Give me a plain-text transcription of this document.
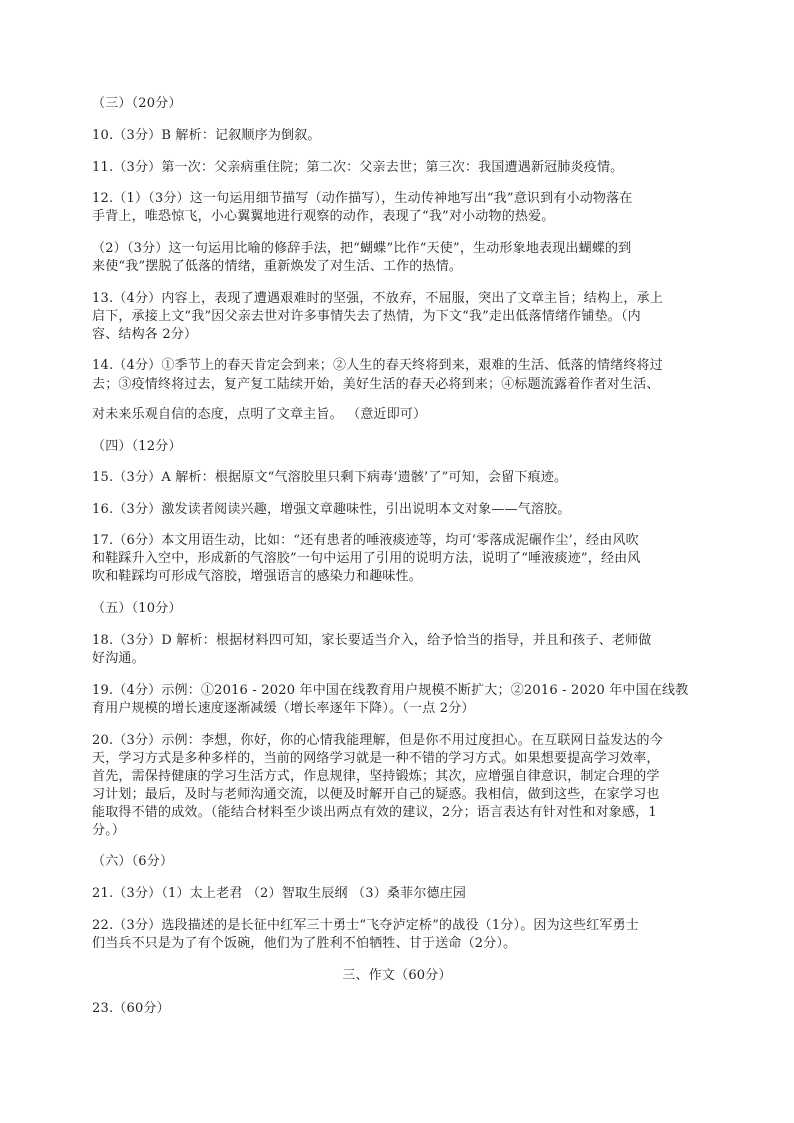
（三）（20分）
10.（3分）B 解析：记叙顺序为倒叙。
11.（3分）第一次：父亲病重住院；第二次：父亲去世；第三次：我国遭遇新冠肺炎疫情。
12.（1）（3分）这一句运用细节描写（动作描写），生动传神地写出“我”意识到有小动物落在
手背上，唯恐惊飞，小心翼翼地进行观察的动作，表现了“我”对小动物的热爱。
（2）（3分）这一句运用比喻的修辞手法，把“蝴蝶”比作“天使”，生动形象地表现出蝴蝶的到
来使“我”摆脱了低落的情绪，重新焕发了对生活、工作的热情。
13.（4分）内容上，表现了遭遇艰难时的坚强，不放弃，不屈服，突出了文章主旨；结构上，承上
启下，承接上文“我”因父亲去世对许多事情失去了热情，为下文“我”走出低落情绪作铺垫。（内
容、结构各 2分）
14.（4分）①季节上的春天肯定会到来；②人生的春天终将到来，艰难的生活、低落的情绪终将过
去；③疫情终将过去，复产复工陆续开始，美好生活的春天必将到来；④标题流露着作者对生活、
对未来乐观自信的态度，点明了文章主旨。 （意近即可）
（四）（12分）
15.（3分）A 解析：根据原文“气溶胶里只剩下病毒‘遗骸’了”可知，会留下痕迹。
16.（3分）激发读者阅读兴趣，增强文章趣味性，引出说明本文对象——气溶胶。
17.（6分）本文用语生动，比如：“还有患者的唾液痰迹等，均可‘零落成泥碾作尘’，经由风吹
和鞋踩升入空中，形成新的气溶胶”一句中运用了引用的说明方法，说明了“唾液痰迹”，经由风
吹和鞋踩均可形成气溶胶，增强语言的感染力和趣味性。
（五）（10分）
18.（3分）D 解析：根据材料四可知，家长要适当介入，给予恰当的指导，并且和孩子、老师做
好沟通。
19.（4分）示例：①2016 - 2020 年中国在线教育用户规模不断扩大；②2016 - 2020 年中国在线教
育用户规模的增长速度逐渐减缓（增长率逐年下降）。（一点 2分）
20.（3分）示例：李想，你好，你的心情我能理解，但是你不用过度担心。在互联网日益发达的今
天，学习方式是多种多样的，当前的网络学习就是一种不错的学习方式。如果想要提高学习效率，
首先，需保持健康的学习生活方式，作息规律，坚持锻炼；其次，应增强自律意识，制定合理的学
习计划；最后，及时与老师沟通交流，以便及时解开自己的疑惑。我相信，做到这些，在家学习也
能取得不错的成效。（能结合材料至少谈出两点有效的建议，2分；语言表达有针对性和对象感，1
分。）
（六）（6分）
21.（3分）（1）太上老君 （2）智取生辰纲 （3）桑菲尔德庄园
22.（3分）选段描述的是长征中红军三十勇士“飞夺泸定桥”的战役（1分）。因为这些红军勇士
们当兵不只是为了有个饭碗，他们为了胜利不怕牺牲、甘于送命（2分）。
三、作文（60分）
23.（60分）
